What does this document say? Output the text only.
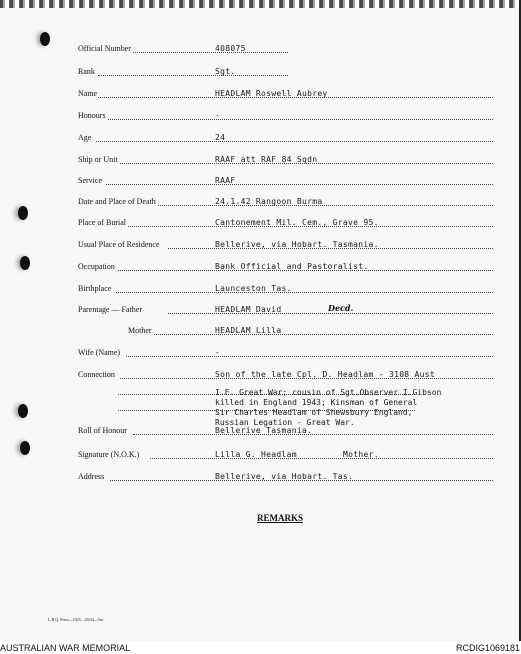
Official Number	408075
Rank	Sgt.
Name	HEADLAM Roswell Aubrey
Honours	-
Age	24
Ship or Unit	RAAF att RAF 84 Sqdn
Service	RAAF
Date and Place of Death	24.1.42 Rangoon Burma
Place of Burial	Cantonement Mil. Cem., Grave 95.
Usual Place of Residence	Bellerive, via Hobart. Tasmania.
Occupation	Bank Official and Pastoralist.
Birthplace	Launceston Tas.
Parentage — Father	HEADLAM David	Decd.
Mother	HEADLAM Lilla
Wife (Name)	-
Connection	Son of the late Cpl. D. Headlam - 3108 Aust
I.F. Great War; cousin of Sgt.Observer I.Gibson
killed in England 1943; Kinsman of General
Sir Charles Headlam of Shewsbury England,
Russian Legation - Great War.
Roll of Honour	Bellerive Tasmania.
Signature (N.O.K.)	Lilla G. Headlam	Mother.
Address	Bellerive, via Hobart. Tas.
REMARKS
L.H.Q. Press—1025—20/44—5m.
AUSTRALIAN WAR MEMORIAL	RCDIG1069181
